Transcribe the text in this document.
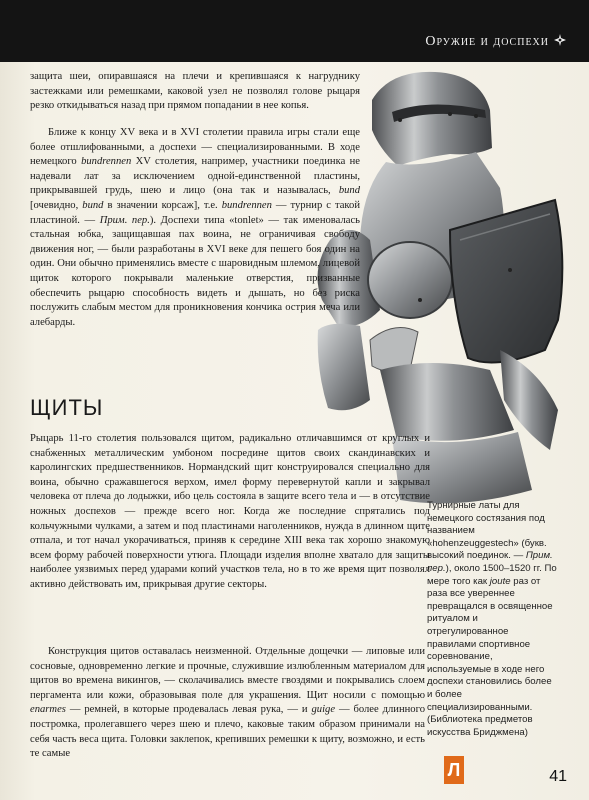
Оружие и доспехи

защита шеи, опиравшаяся на плечи и крепившаяся к нагруднику застежками или ремешками, каковой узел не позволял голове рыцаря резко откидываться назад при прямом попадании в нее копья.

Ближе к концу XV века и в XVI столетии правила игры стали еще более отшлифованными, а доспехи — специализированными. В ходе немецкого bundrennen XV столетия, например, участники поединка не надевали лат за исключением одной-единственной пластины, прикрывавшей грудь, шею и лицо (она так и называлась, bund [очевидно, bund в значении корсаж], т.е. bundrennen — турнир с такой пластиной. — Прим. пер.). Доспехи типа «tonlet» — так именовалась стальная юбка, защищавшая пах воина, не ограничивая свободу движения ног, — были разработаны в XVI веке для пешего боя один на один. Они обычно применялись вместе с шаровидным шлемом, лицевой щиток которого покрывали маленькие отверстия, призванные обеспечить рыцарю способность видеть и дышать, но без риска послужить слабым местом для проникновения кончика острия меча или алебарды.

ЩИТЫ

Рыцарь 11-го столетия пользовался щитом, радикально отличавшимся от круглых и снабженных металлическим умбоном посредине щитов своих скандинавских и каролингских предшественников. Нормандский щит конструировался специально для воина, обычно сражавшегося верхом, имел форму перевернутой капли и закрывал человека от плеча до лодыжки, ибо цель состояла в защите всего тела и — в отсутствие ножных доспехов — прежде всего ног. Когда же последние спрятались под кольчужными чулками, а затем и под пластинами наголенников, нужда в длинном щите отпала, и тот начал укорачиваться, приняв к середине XIII века так хорошо знакомую всем форму рабочей поверхности утюга. Площади изделия вполне хватало для защиты наиболее уязвимых перед ударами копий участков тела, но в то же время щит позволял активно действовать им, прикрывая другие секторы.

Конструкция щитов оставалась неизменной. Отдельные дощечки — липовые или сосновые, одновременно легкие и прочные, служившие излюбленным материалом для щитов во времена викингов, — сколачивались вместе гвоздями и покрывались слоем пергамента или кожи, образовывая поле для украшения. Щит носили с помощью enarmes — ремней, в которые продевалась левая рука, — и guige — более длинного постромка, пролегавшего через шею и плечо, каковые таким образом принимали на себя часть веса щита. Головки заклепок, крепивших ремешки к щиту, возможно, и есть те самые

Турнирные латы для немецкого состязания под названием «hohenzeuggestech» (букв. высокий поединок. — Прим. пер.), около 1500–1520 гг. По мере того как joute раз от раза все увереннее превращался в освященное ритуалом и отрегулированное правилами спортивное соревнование, используемые в ходе него доспехи становились более и более специализированными. (Библиотека предметов искусства Бриджмена)

Л	41
